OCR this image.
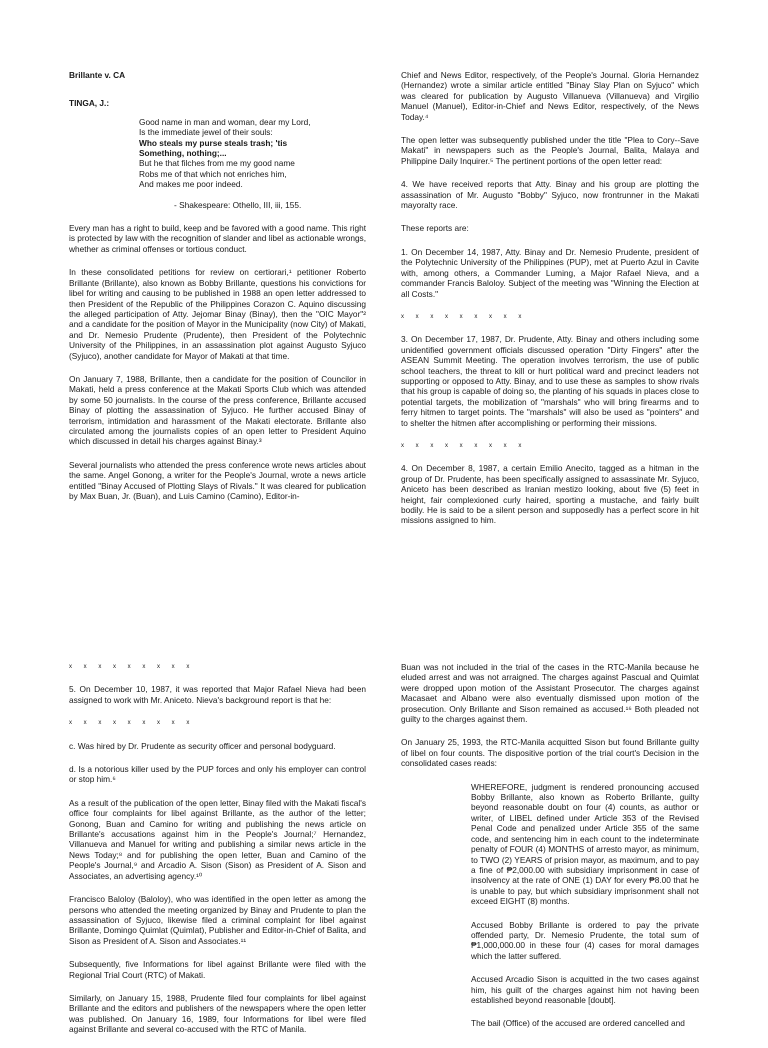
Brillante v. CA

TINGA, J.:

Good name in man and woman, dear my Lord,
Is the immediate jewel of their souls:
Who steals my purse steals trash; 'tis
Something, nothing;...
But he that filches from me my good name
Robs me of that which not enriches him,
And makes me poor indeed.

- Shakespeare: Othello, III, iii, 155.

Every man has a right to build, keep and be favored with a good name. This right is protected by law with the recognition of slander and libel as actionable wrongs, whether as criminal offenses or tortious conduct.

In these consolidated petitions for review on certiorari,¹ petitioner Roberto Brillante (Brillante), also known as Bobby Brillante, questions his convictions for libel for writing and causing to be published in 1988 an open letter addressed to then President of the Republic of the Philippines Corazon C. Aquino discussing the alleged participation of Atty. Jejomar Binay (Binay), then the "OIC Mayor"² and a candidate for the position of Mayor in the Municipality (now City) of Makati, and Dr. Nemesio Prudente (Prudente), then President of the Polytechnic University of the Philippines, in an assassination plot against Augusto Syjuco (Syjuco), another candidate for Mayor of Makati at that time.

On January 7, 1988, Brillante, then a candidate for the position of Councilor in Makati, held a press conference at the Makati Sports Club which was attended by some 50 journalists. In the course of the press conference, Brillante accused Binay of plotting the assassination of Syjuco. He further accused Binay of terrorism, intimidation and harassment of the Makati electorate. Brillante also circulated among the journalists copies of an open letter to President Aquino which discussed in detail his charges against Binay.³

Several journalists who attended the press conference wrote news articles about the same. Angel Gonong, a writer for the People's Journal, wrote a news article entitled "Binay Accused of Plotting Slays of Rivals." It was cleared for publication by Max Buan, Jr. (Buan), and Luis Camino (Camino), Editor-in-

Chief and News Editor, respectively, of the People's Journal. Gloria Hernandez (Hernandez) wrote a similar article entitled "Binay Slay Plan on Syjuco" which was cleared for publication by Augusto Villanueva (Villanueva) and Virgilio Manuel (Manuel), Editor-in-Chief and News Editor, respectively, of the News Today.⁴

The open letter was subsequently published under the title "Plea to Cory--Save Makati" in newspapers such as the People's Journal, Balita, Malaya and Philippine Daily Inquirer.⁵ The pertinent portions of the open letter read:

4. We have received reports that Atty. Binay and his group are plotting the assassination of Mr. Augusto "Bobby" Syjuco, now frontrunner in the Makati mayoralty race.

These reports are:

1. On December 14, 1987, Atty. Binay and Dr. Nemesio Prudente, president of the Polytechnic University of the Philippines (PUP), met at Puerto Azul in Cavite with, among others, a Commander Luming, a Major Rafael Nieva, and a commander Francis Baloloy. Subject of the meeting was "Winning the Election at all Costs."

x x x x x x x x x

3. On December 17, 1987, Dr. Prudente, Atty. Binay and others including some unidentified government officials discussed operation "Dirty Fingers" after the ASEAN Summit Meeting. The operation involves terrorism, the use of public school teachers, the threat to kill or hurt political ward and precinct leaders not supporting or opposed to Atty. Binay, and to use these as samples to show rivals that his group is capable of doing so, the planting of his squads in places close to potential targets, the mobilization of "marshals" who will bring firearms and to ferry hitmen to target points. The "marshals" will also be used as "pointers" and to shelter the hitmen after accomplishing or performing their missions.

x x x x x x x x x

4. On December 8, 1987, a certain Emilio Anecito, tagged as a hitman in the group of Dr. Prudente, has been specifically assigned to assassinate Mr. Syjuco, Aniceto has been described as Iranian mestizo looking, about five (5) feet in height, fair complexioned curly haired, sporting a mustache, and fairly built bodily. He is said to be a silent person and supposedly has a perfect score in hit missions assigned to him.

x x x x x x x x x

5. On December 10, 1987, it was reported that Major Rafael Nieva had been assigned to work with Mr. Aniceto. Nieva's background report is that he:

x x x x x x x x x

c. Was hired by Dr. Prudente as security officer and personal bodyguard.

d. Is a notorious killer used by the PUP forces and only his employer can control or stop him.⁶

As a result of the publication of the open letter, Binay filed with the Makati fiscal's office four complaints for libel against Brillante, as the author of the letter; Gonong, Buan and Camino for writing and publishing the news article on Brillante's accusations against him in the People's Journal;⁷ Hernandez, Villanueva and Manuel for writing and publishing a similar news article in the News Today;⁸ and for publishing the open letter, Buan and Camino of the People's Journal,⁹ and Arcadio A. Sison (Sison) as President of A. Sison and Associates, an advertising agency.¹⁰

Francisco Baloloy (Baloloy), who was identified in the open letter as among the persons who attended the meeting organized by Binay and Prudente to plan the assassination of Syjuco, likewise filed a criminal complaint for libel against Brillante, Domingo Quimlat (Quimlat), Publisher and Editor-in-Chief of Balita, and Sison as President of A. Sison and Associates.¹¹

Subsequently, five Informations for libel against Brillante were filed with the Regional Trial Court (RTC) of Makati.

Similarly, on January 15, 1988, Prudente filed four complaints for libel against Brillante and the editors and publishers of the newspapers where the open letter was published. On January 16, 1989, four Informations for libel were filed against Brillante and several co-accused with the RTC of Manila.

Buan was not included in the trial of the cases in the RTC-Manila because he eluded arrest and was not arraigned. The charges against Pascual and Quimlat were dropped upon motion of the Assistant Prosecutor. The charges against Macasaet and Albano were also eventually dismissed upon motion of the prosecution. Only Brillante and Sison remained as accused.¹⁶ Both pleaded not guilty to the charges against them.

On January 25, 1993, the RTC-Manila acquitted Sison but found Brillante guilty of libel on four counts. The dispositive portion of the trial court's Decision in the consolidated cases reads:

WHEREFORE, judgment is rendered pronouncing accused Bobby Brillante, also known as Roberto Brillante, guilty beyond reasonable doubt on four (4) counts, as author or writer, of LIBEL defined under Article 353 of the Revised Penal Code and penalized under Article 355 of the same code, and sentencing him in each count to the indeterminate penalty of FOUR (4) MONTHS of arresto mayor, as minimum, to TWO (2) YEARS of prision mayor, as maximum, and to pay a fine of ₱2,000.00 with subsidiary imprisonment in case of insolvency at the rate of ONE (1) DAY for every ₱8.00 that he is unable to pay, but which subsidiary imprisonment shall not exceed EIGHT (8) months.

Accused Bobby Brillante is ordered to pay the private offended party, Dr. Nemesio Prudente, the total sum of ₱1,000,000.00 in these four (4) cases for moral damages which the latter suffered.

Accused Arcadio Sison is acquitted in the two cases against him, his guilt of the charges against him not having been established beyond reasonable [doubt].

The bail (Office) of the accused are ordered cancelled and
